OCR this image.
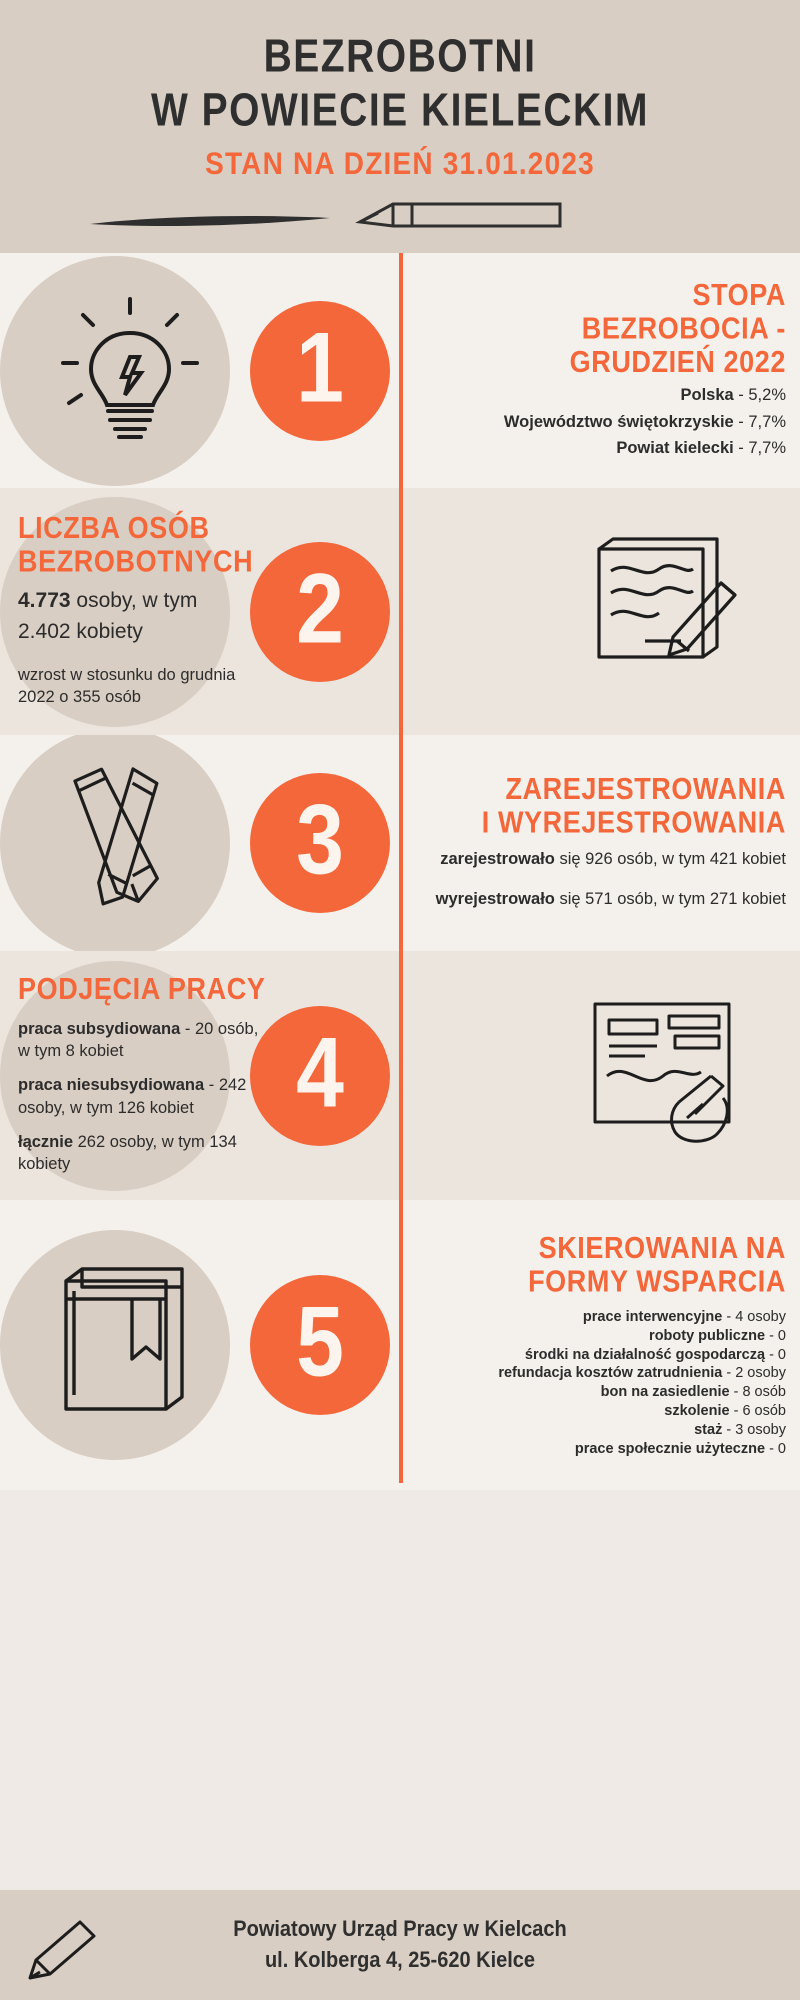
BEZROBOTNI
W POWIECIE KIELECKIM
STAN NA DZIEŃ 31.01.2023
1
STOPA
BEZROBOCIA -
GRUDZIEŃ 2022
Polska - 5,2%
Województwo świętokrzyskie - 7,7%
Powiat kielecki - 7,7%
LICZBA OSÓB
BEZROBOTNYCH
4.773 osoby, w tym
2.402 kobiety
wzrost w stosunku do grudnia 2022 o 355 osób
2
3	ZAREJESTROWANIA
I WYREJESTROWANIA
zarejestrowało się 926 osób, w tym 421 kobiet
wyrejestrowało się 571 osób, w tym 271 kobiet
PODJĘCIA PRACY
praca subsydiowana - 20 osób, w tym 8 kobiet
praca niesubsydiowana - 242 osoby, w tym 126 kobiet
łącznie 262 osoby, w tym 134 kobiety
4
5
SKIEROWANIA NA
FORMY WSPARCIA
prace interwencyjne - 4 osoby
roboty publiczne - 0
środki na działalność gospodarczą - 0
refundacja kosztów zatrudnienia - 2 osoby
bon na zasiedlenie - 8 osób
szkolenie - 6 osób
staż - 3 osoby
prace społecznie użyteczne - 0
Powiatowy Urząd Pracy w Kielcach
ul. Kolberga 4, 25-620 Kielce
